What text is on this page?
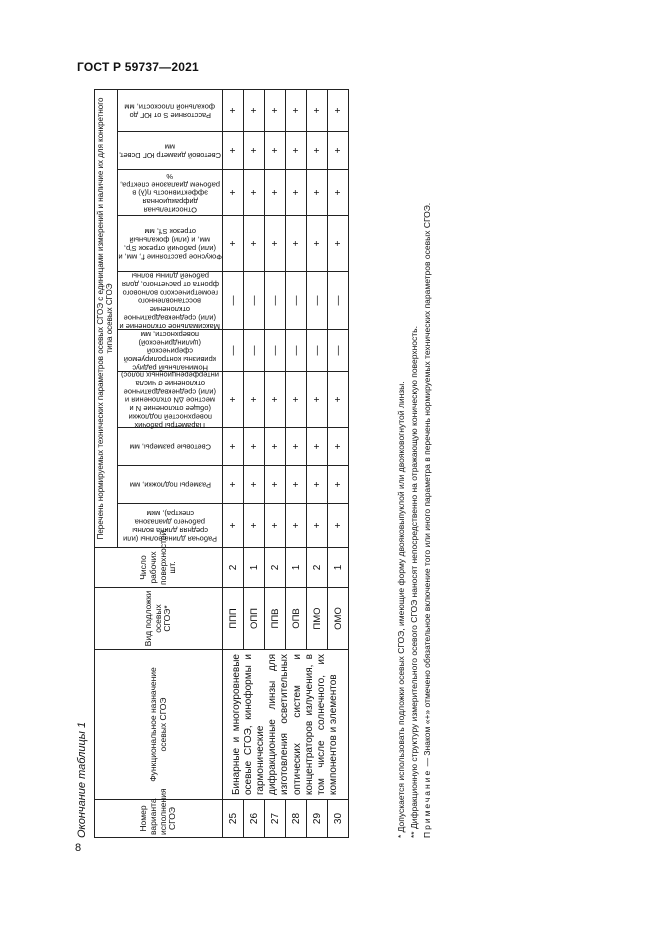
ГОСТ Р 59737—2021
Окончание таблицы 1	Номер варианта исполнения СГОЭ	Функциональное назначение осевых СГОЭ	Вид подложки осевых СГОЭ*	Число рабочих поверхностей, шт.	Перечень нормируемых технических параметров осевых СГОЭ с единицами измерений и наличие их для конкретного типа осевых СГОЭ									

Рабочая длина волны (или средняя длина волны рабочего диапазона спектра), мкм	Размеры подложки, мм	Световые размеры, мм	Параметры рабочих поверхностей подложки (общее отклонение N и местное ΔN отклонения и (или) среднеквадратичное отклонение σ числа интерференционных полос)	Номинальный радиус кривизны контролируемой сферической (цилиндрической) поверхности, мм	Максимальное отклонение и (или) среднеквадратичное отклонение восстановленного геометрического волнового фронта от расчетного, доля рабочей длины волны	Фокусное расстояние f', мм, и (или) рабочий отрезок S'p, мм, и (или) фокальный отрезок S'f, мм	Относительная дифракционная эффективность η(λ) в рабочем диапазоне спектра, %	Световой диаметр ЮГ Dсвет, мм	Расстояние S от ЮГ до фокальной плоскости, мм

25	Бинарные и многоуровневые осевые СГОЭ, киноформы и гармонические дифракционные линзы для изготовления осветительных оптических систем и концентраторов излучения, в том числе солнечного, их компонентов и элементов	ППП	2	+	+	+	+	—	—	+	+	+	+
26		ОПП	1	+	+	+	+	—	—	+	+	+	+
27		ППВ	2	+	+	+	+	—	—	+	+	+	+
28		ОПВ	1	+	+	+	+	—	—	+	+	+	+
29		ПМО	2	+	+	+	+	—	—	+	+	+	+
30		ОМО	1	+	+	+	+	—	—	+	+	+	+

* Допускается использовать подложки осевых СГОЭ, имеющие форму двояковыпуклой или двояковогнутой линзы. ** Дифракционную структуру измерительного осевого СГОЭ наносят непосредственно на отражающую коническую поверхность. Примечание — Знаком «+» отмечено обязательное включение того или иного параметра в перечень нормируемых технических параметров осевых СГОЭ.

8
